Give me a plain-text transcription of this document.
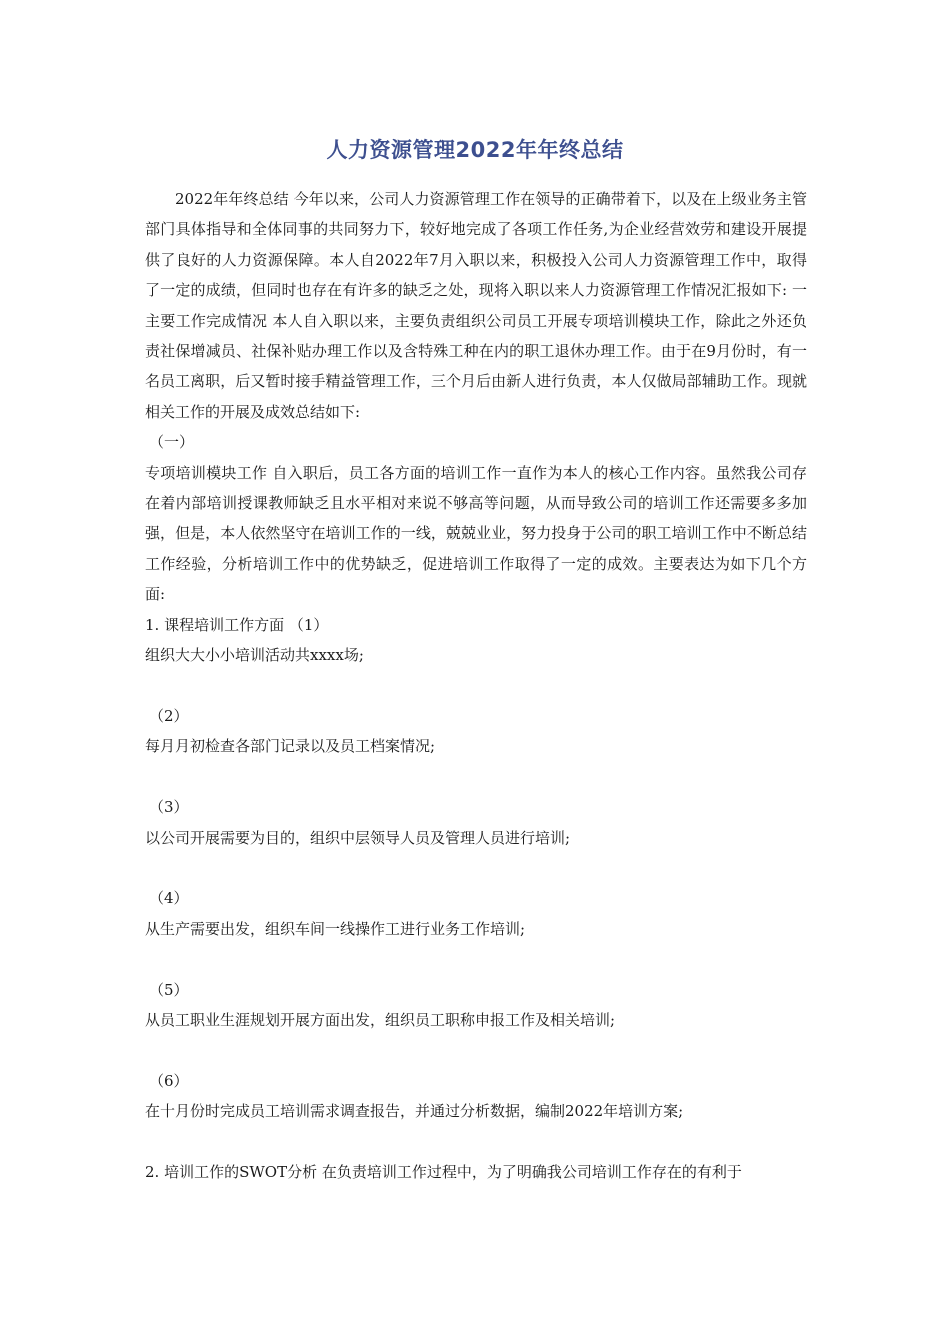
人力资源管理2022年年终总结

2022年年终总结 今年以来，公司人力资源管理工作在领导的正确带着下，以及在上级业务主管部门具体指导和全体同事的共同努力下，较好地完成了各项工作任务,为企业经营效劳和建设开展提供了良好的人力资源保障。本人自2022年7月入职以来，积极投入公司人力资源管理工作中，取得了一定的成绩，但同时也存在有许多的缺乏之处，现将入职以来人力资源管理工作情况汇报如下: 一 主要工作完成情况 本人自入职以来，主要负责组织公司员工开展专项培训模块工作，除此之外还负责社保增减员、社保补贴办理工作以及含特殊工种在内的职工退休办理工作。由于在9月份时，有一名员工离职，后又暂时接手精益管理工作，三个月后由新人进行负责，本人仅做局部辅助工作。现就相关工作的开展及成效总结如下:

（一）

专项培训模块工作 自入职后，员工各方面的培训工作一直作为本人的核心工作内容。虽然我公司存在着内部培训授课教师缺乏且水平相对来说不够高等问题，从而导致公司的培训工作还需要多多加强，但是，本人依然坚守在培训工作的一线，兢兢业业，努力投身于公司的职工培训工作中不断总结工作经验，分析培训工作中的优势缺乏，促进培训工作取得了一定的成效。主要表达为如下几个方面:

1. 课程培训工作方面 （1）

组织大大小小培训活动共xxxx场;

（2）

每月月初检查各部门记录以及员工档案情况;

（3）

以公司开展需要为目的，组织中层领导人员及管理人员进行培训;

（4）

从生产需要出发，组织车间一线操作工进行业务工作培训;

（5）

从员工职业生涯规划开展方面出发，组织员工职称申报工作及相关培训;

（6）

在十月份时完成员工培训需求调查报告，并通过分析数据，编制2022年培训方案;

2. 培训工作的SWOT分析 在负责培训工作过程中，为了明确我公司培训工作存在的有利于
